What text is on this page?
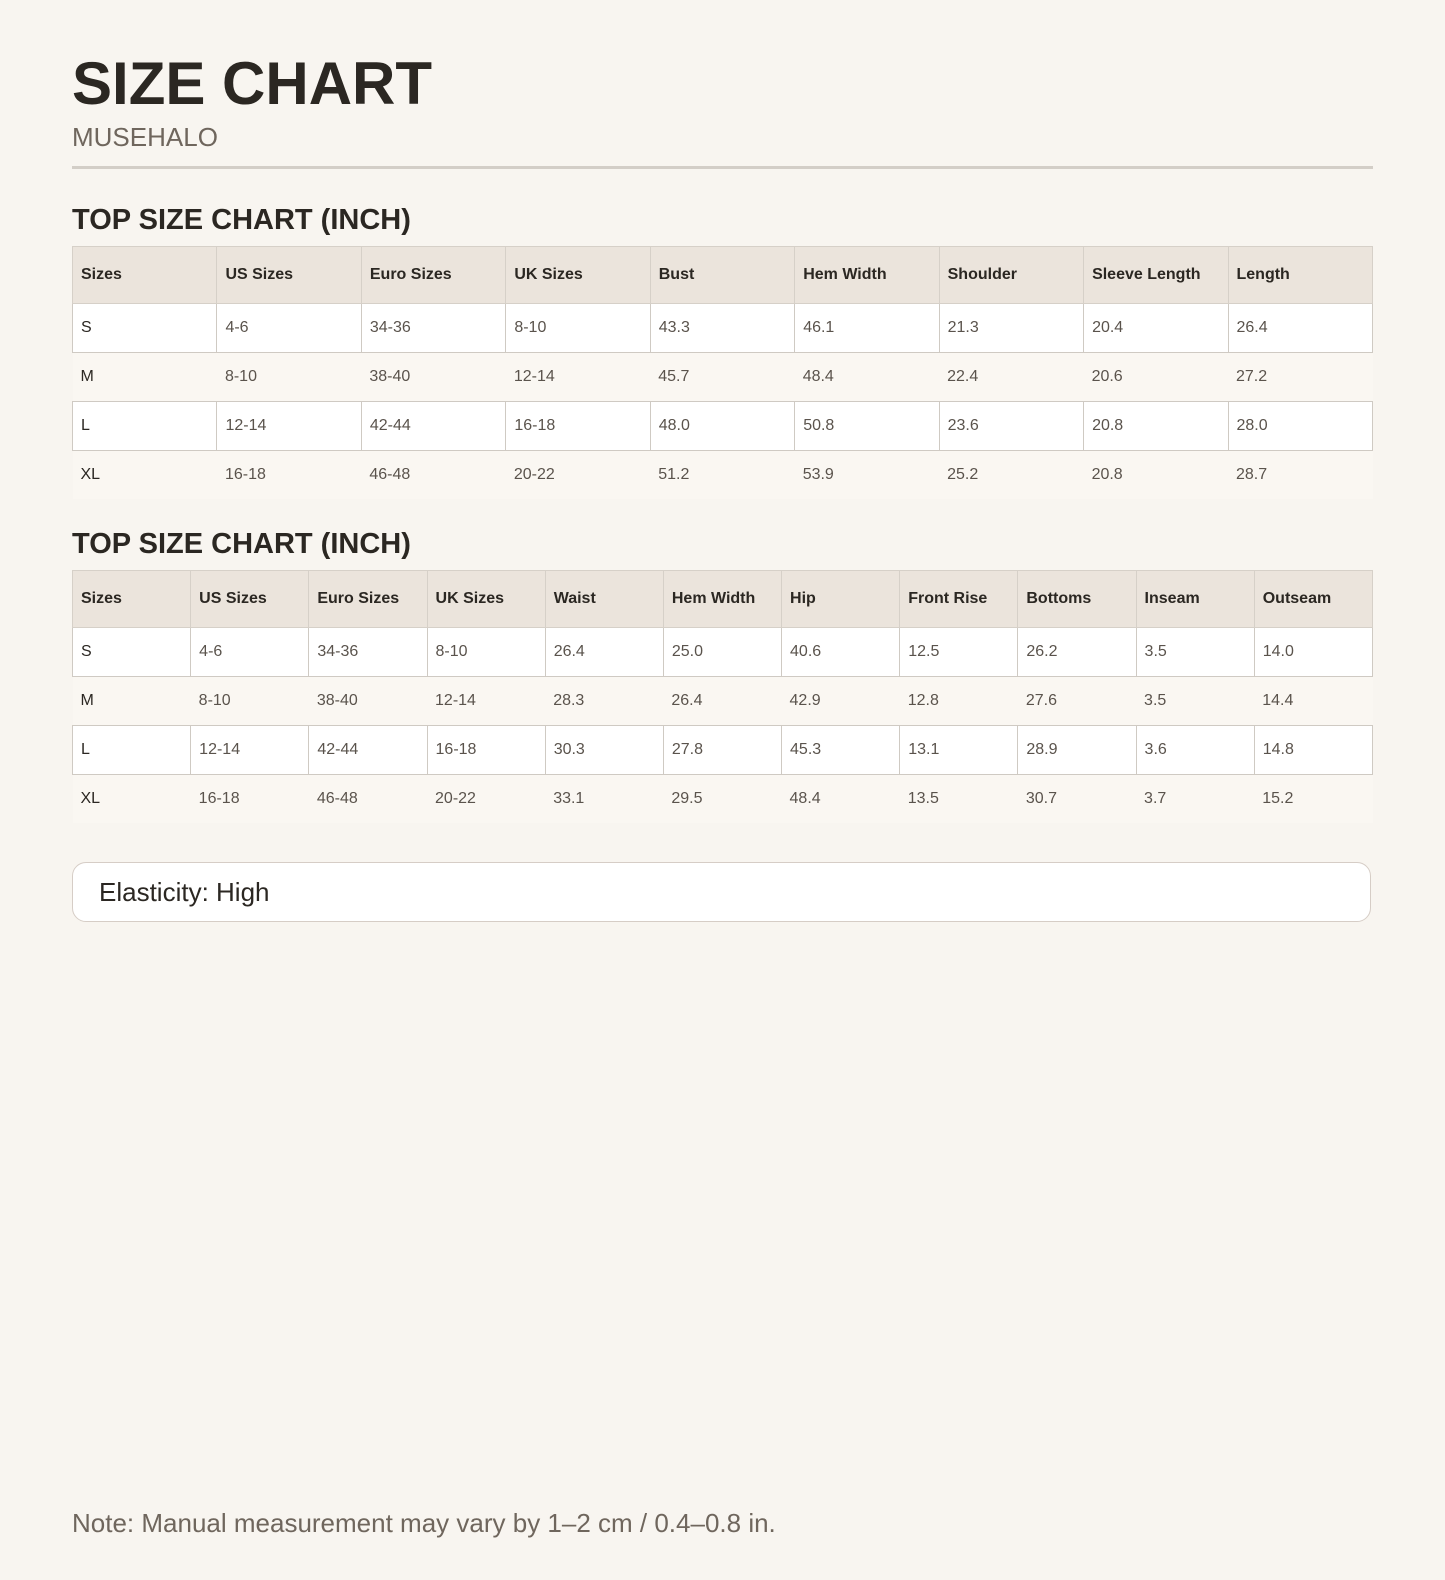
SIZE CHART
MUSEHALO
TOP SIZE CHART (INCH)
Sizes	US Sizes	Euro Sizes	UK Sizes	Bust	Hem Width	Shoulder	Sleeve Length	Length
S	4-6	34-36	8-10	43.3	46.1	21.3	20.4	26.4
M	8-10	38-40	12-14	45.7	48.4	22.4	20.6	27.2
L	12-14	42-44	16-18	48.0	50.8	23.6	20.8	28.0
XL	16-18	46-48	20-22	51.2	53.9	25.2	20.8	28.7
TOP SIZE CHART (INCH)
Sizes	US Sizes	Euro Sizes	UK Sizes	Waist	Hem Width	Hip	Front Rise	Bottoms	Inseam	Outseam
S	4-6	34-36	8-10	26.4	25.0	40.6	12.5	26.2	3.5	14.0
M	8-10	38-40	12-14	28.3	26.4	42.9	12.8	27.6	3.5	14.4
L	12-14	42-44	16-18	30.3	27.8	45.3	13.1	28.9	3.6	14.8
XL	16-18	46-48	20-22	33.1	29.5	48.4	13.5	30.7	3.7	15.2
Elasticity: High
Note: Manual measurement may vary by 1–2 cm / 0.4–0.8 in.
